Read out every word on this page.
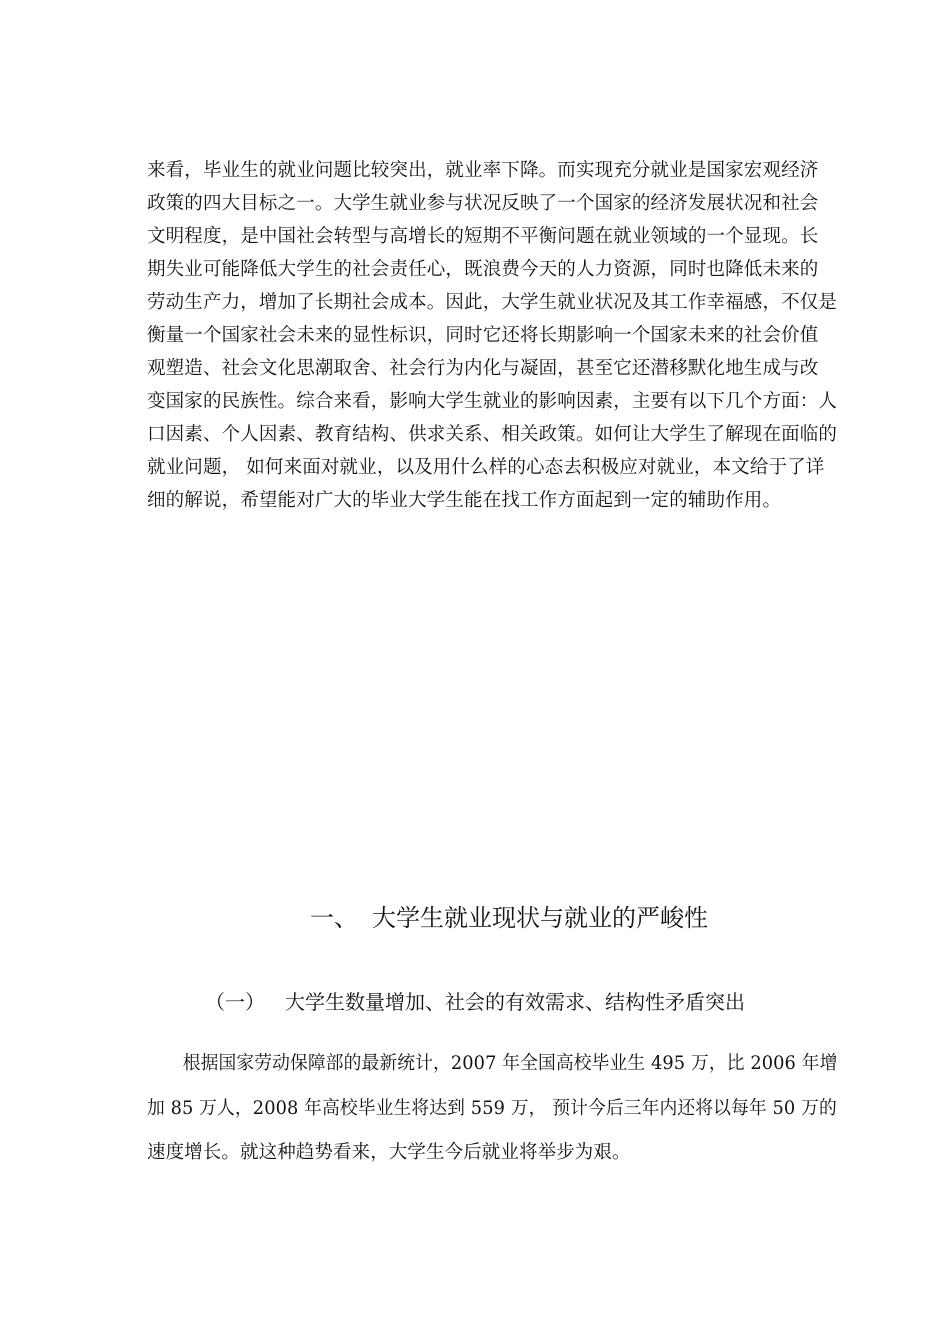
来看，毕业生的就业问题比较突出，就业率下降。而实现充分就业是国家宏观经济
政策的四大目标之一。大学生就业参与状况反映了一个国家的经济发展状况和社会
文明程度，是中国社会转型与高增长的短期不平衡问题在就业领域的一个显现。长
期失业可能降低大学生的社会责任心，既浪费今天的人力资源，同时也降低未来的
劳动生产力，增加了长期社会成本。因此，大学生就业状况及其工作幸福感，不仅是
衡量一个国家社会未来的显性标识，同时它还将长期影响一个国家未来的社会价值
观塑造、社会文化思潮取舍、社会行为内化与凝固，甚至它还潜移默化地生成与改
变国家的民族性。综合来看，影响大学生就业的影响因素，主要有以下几个方面：人
口因素、个人因素、教育结构、供求关系、相关政策。如何让大学生了解现在面临的
就业问题， 如何来面对就业，以及用什么样的心态去积极应对就业，本文给于了详
细的解说，希望能对广大的毕业大学生能在找工作方面起到一定的辅助作用。
一、 大学生就业现状与就业的严峻性
（一） 大学生数量增加、社会的有效需求、结构性矛盾突出
　　根据国家劳动保障部的最新统计，2007 年全国高校毕业生 495 万，比 2006 年增
加 85 万人，2008 年高校毕业生将达到 559 万， 预计今后三年内还将以每年 50 万的
速度增长。就这种趋势看来，大学生今后就业将举步为艰。
